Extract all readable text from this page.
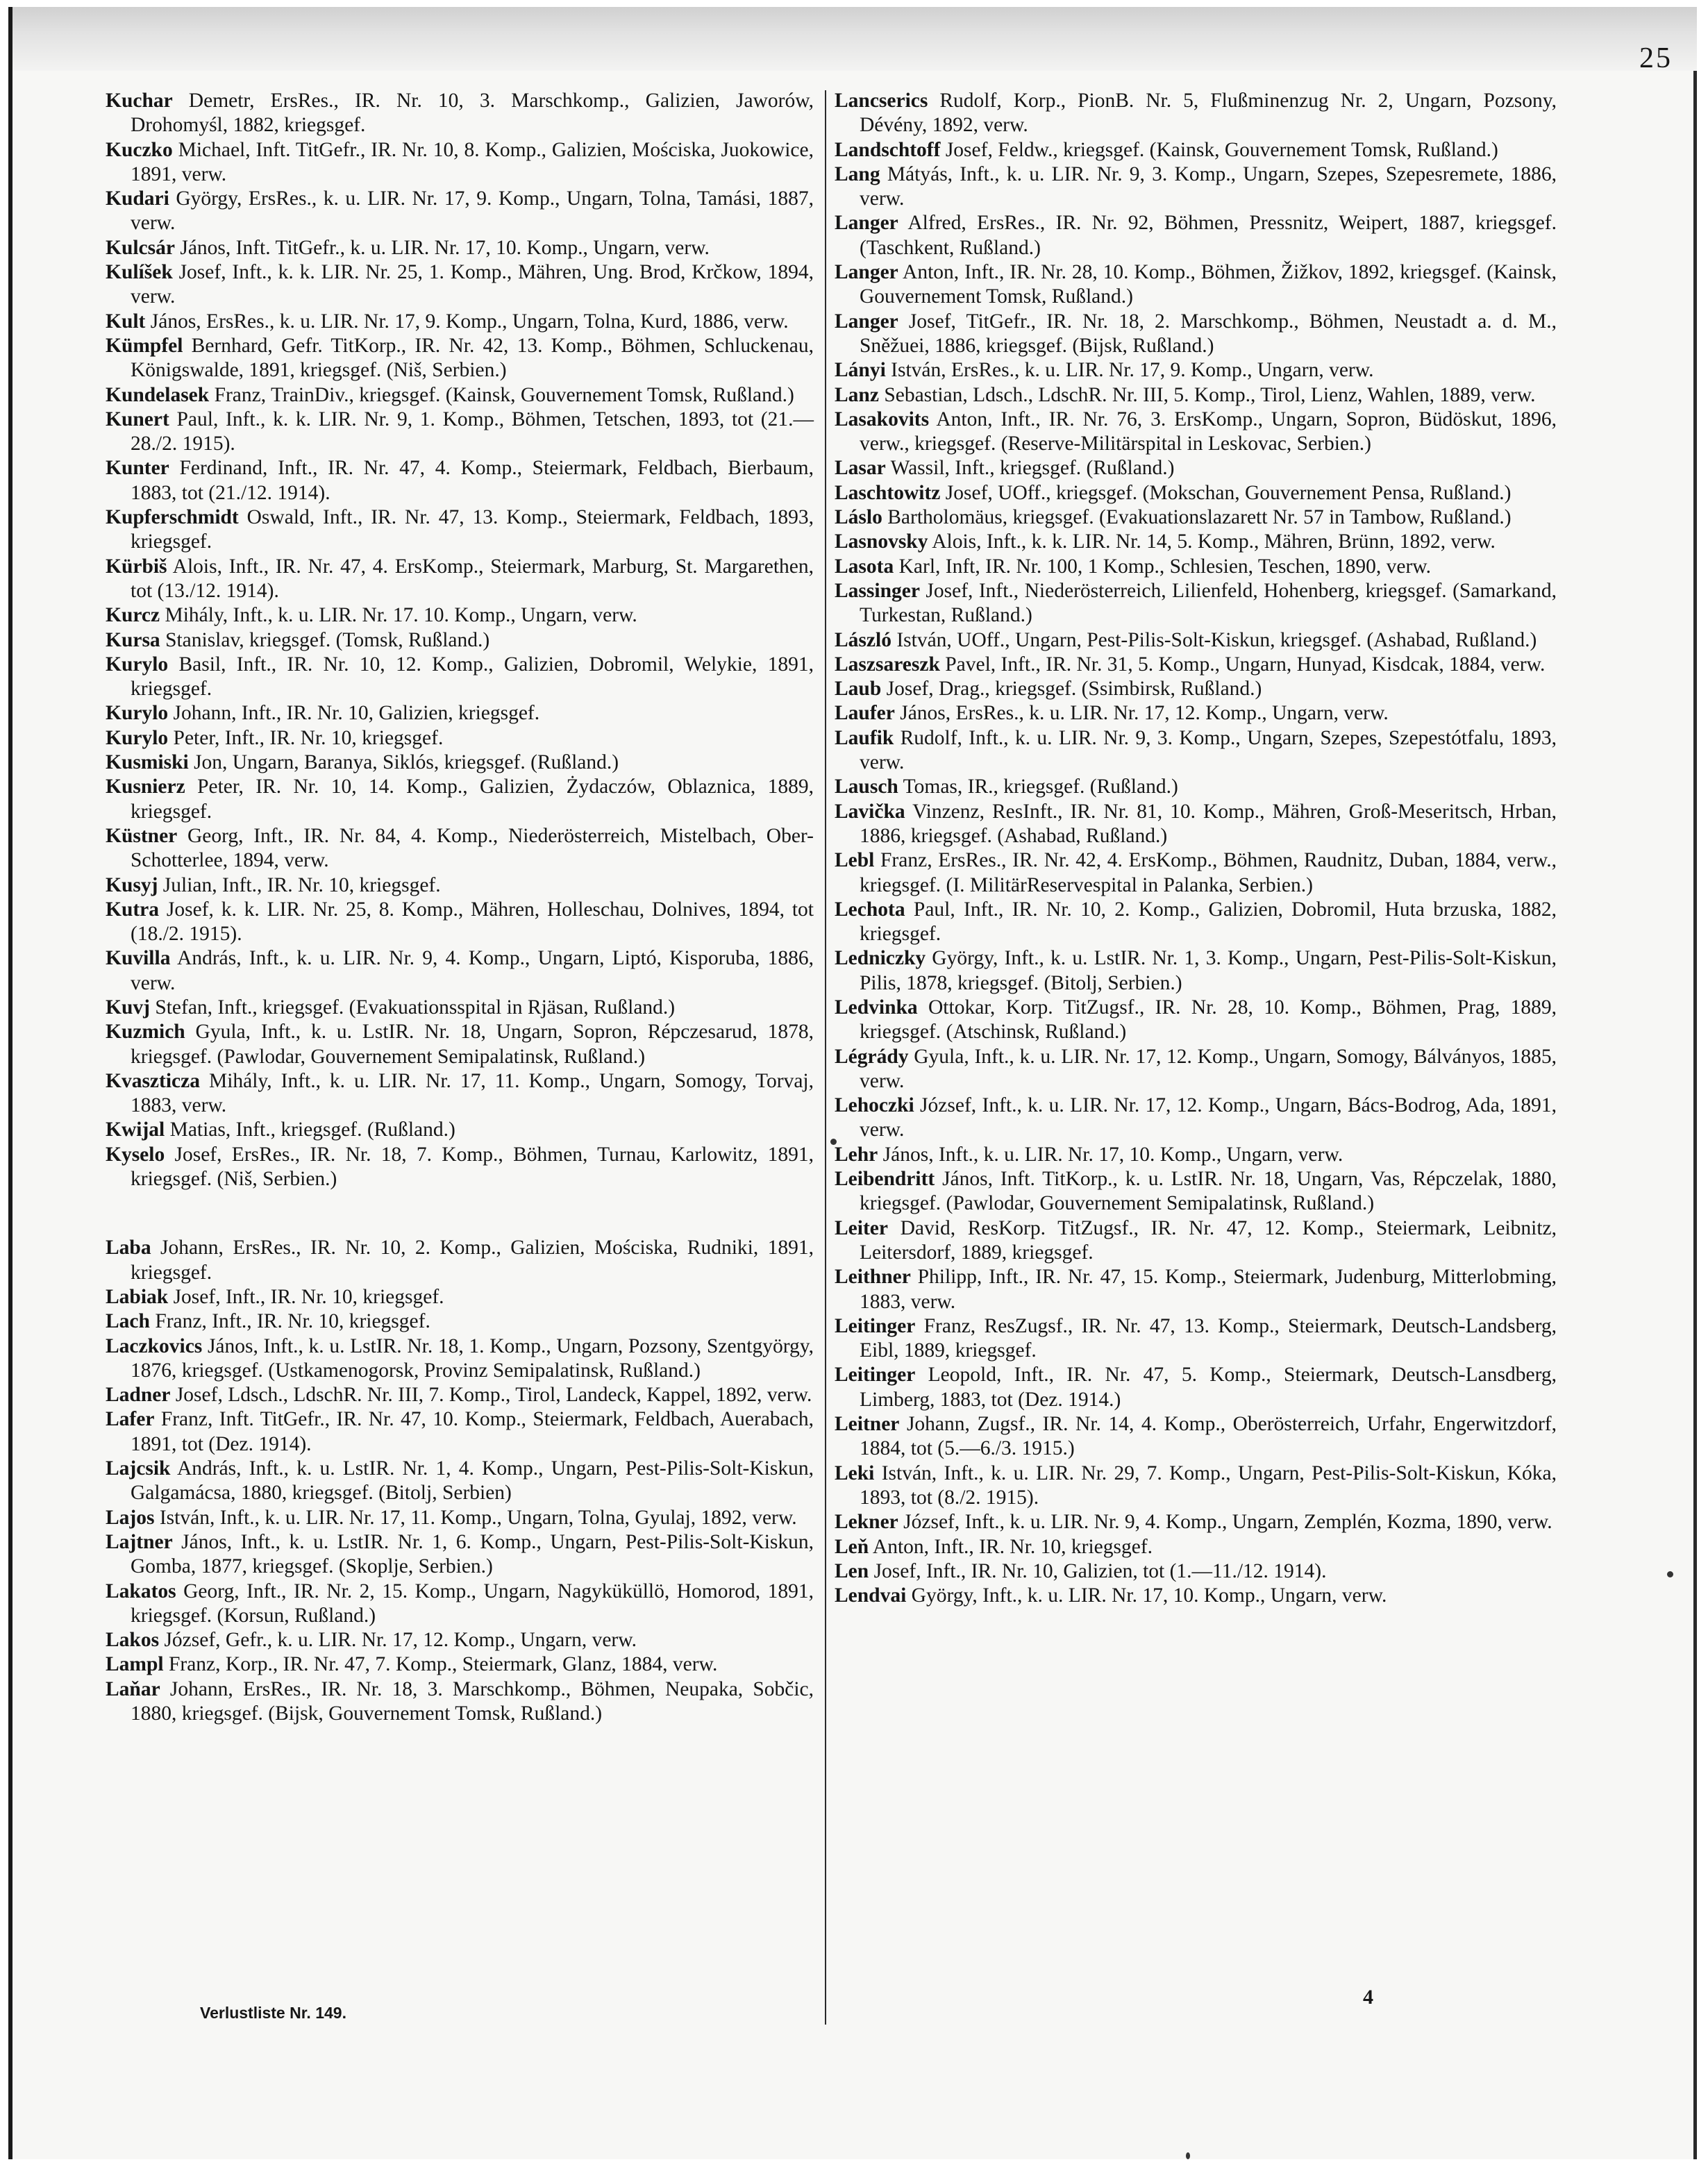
25

Kuchar Demetr, ErsRes., IR. Nr. 10, 3. Marschkomp., Galizien, Jaworów, Drohomyśl, 1882, kriegsgef.

Kuczko Michael, Inft. TitGefr., IR. Nr. 10, 8. Komp., Galizien, Mościska, Juokowice, 1891, verw.

Kudari György, ErsRes., k. u. LIR. Nr. 17, 9. Komp., Ungarn, Tolna, Tamási, 1887, verw.

Kulcsár János, Inft. TitGefr., k. u. LIR. Nr. 17, 10. Komp., Ungarn, verw.

Kulíšek Josef, Inft., k. k. LIR. Nr. 25, 1. Komp., Mähren, Ung. Brod, Krčkow, 1894, verw.

Kult János, ErsRes., k. u. LIR. Nr. 17, 9. Komp., Ungarn, Tolna, Kurd, 1886, verw.

Kümpfel Bernhard, Gefr. TitKorp., IR. Nr. 42, 13. Komp., Böhmen, Schluckenau, Königswalde, 1891, kriegsgef. (Niš, Serbien.)

Kundelasek Franz, TrainDiv., kriegsgef. (Kainsk, Gouvernement Tomsk, Rußland.)

Kunert Paul, Inft., k. k. LIR. Nr. 9, 1. Komp., Böhmen, Tetschen, 1893, tot (21.—28./2. 1915).

Kunter Ferdinand, Inft., IR. Nr. 47, 4. Komp., Steiermark, Feldbach, Bierbaum, 1883, tot (21./12. 1914).

Kupferschmidt Oswald, Inft., IR. Nr. 47, 13. Komp., Steiermark, Feldbach, 1893, kriegsgef.

Kürbiš Alois, Inft., IR. Nr. 47, 4. ErsKomp., Steiermark, Marburg, St. Margarethen, tot (13./12. 1914).

Kurcz Mihály, Inft., k. u. LIR. Nr. 17. 10. Komp., Ungarn, verw.

Kursa Stanislav, kriegsgef. (Tomsk, Rußland.)

Kurylo Basil, Inft., IR. Nr. 10, 12. Komp., Galizien, Dobromil, Welykie, 1891, kriegsgef.

Kurylo Johann, Inft., IR. Nr. 10, Galizien, kriegsgef.

Kurylo Peter, Inft., IR. Nr. 10, kriegsgef.

Kusmiski Jon, Ungarn, Baranya, Siklós, kriegsgef. (Rußland.)

Kusnierz Peter, IR. Nr. 10, 14. Komp., Galizien, Żydaczów, Oblaznica, 1889, kriegsgef.

Küstner Georg, Inft., IR. Nr. 84, 4. Komp., Niederösterreich, Mistelbach, Ober-Schotterlee, 1894, verw.

Kusyj Julian, Inft., IR. Nr. 10, kriegsgef.

Kutra Josef, k. k. LIR. Nr. 25, 8. Komp., Mähren, Holleschau, Dolnives, 1894, tot (18./2. 1915).

Kuvilla András, Inft., k. u. LIR. Nr. 9, 4. Komp., Ungarn, Liptó, Kisporuba, 1886, verw.

Kuvj Stefan, Inft., kriegsgef. (Evakuationsspital in Rjäsan, Rußland.)

Kuzmich Gyula, Inft., k. u. LstIR. Nr. 18, Ungarn, Sopron, Répczesarud, 1878, kriegsgef. (Pawlodar, Gouvernement Semipalatinsk, Rußland.)

Kvaszticza Mihály, Inft., k. u. LIR. Nr. 17, 11. Komp., Ungarn, Somogy, Torvaj, 1883, verw.

Kwijal Matias, Inft., kriegsgef. (Rußland.)

Kyselo Josef, ErsRes., IR. Nr. 18, 7. Komp., Böhmen, Turnau, Karlowitz, 1891, kriegsgef. (Niš, Serbien.)

Laba Johann, ErsRes., IR. Nr. 10, 2. Komp., Galizien, Mościska, Rudniki, 1891, kriegsgef.

Labiak Josef, Inft., IR. Nr. 10, kriegsgef.

Lach Franz, Inft., IR. Nr. 10, kriegsgef.

Laczkovics János, Inft., k. u. LstIR. Nr. 18, 1. Komp., Ungarn, Pozsony, Szentgyörgy, 1876, kriegsgef. (Ustkamenogorsk, Provinz Semipalatinsk, Rußland.)

Ladner Josef, Ldsch., LdschR. Nr. III, 7. Komp., Tirol, Landeck, Kappel, 1892, verw.

Lafer Franz, Inft. TitGefr., IR. Nr. 47, 10. Komp., Steiermark, Feldbach, Auerabach, 1891, tot (Dez. 1914).

Lajcsik András, Inft., k. u. LstIR. Nr. 1, 4. Komp., Ungarn, Pest-Pilis-Solt-Kiskun, Galgamácsa, 1880, kriegsgef. (Bitolj, Serbien)

Lajos István, Inft., k. u. LIR. Nr. 17, 11. Komp., Ungarn, Tolna, Gyulaj, 1892, verw.

Lajtner János, Inft., k. u. LstIR. Nr. 1, 6. Komp., Ungarn, Pest-Pilis-Solt-Kiskun, Gomba, 1877, kriegsgef. (Skoplje, Serbien.)

Lakatos Georg, Inft., IR. Nr. 2, 15. Komp., Ungarn, Nagyküküllö, Homorod, 1891, kriegsgef. (Korsun, Rußland.)

Lakos József, Gefr., k. u. LIR. Nr. 17, 12. Komp., Ungarn, verw.

Lampl Franz, Korp., IR. Nr. 47, 7. Komp., Steiermark, Glanz, 1884, verw.

Laňar Johann, ErsRes., IR. Nr. 18, 3. Marschkomp., Böhmen, Neupaka, Sobčic, 1880, kriegsgef. (Bijsk, Gouvernement Tomsk, Rußland.)

Lancserics Rudolf, Korp., PionB. Nr. 5, Flußminenzug Nr. 2, Ungarn, Pozsony, Dévény, 1892, verw.

Landschtoff Josef, Feldw., kriegsgef. (Kainsk, Gouvernement Tomsk, Rußland.)

Lang Mátyás, Inft., k. u. LIR. Nr. 9, 3. Komp., Ungarn, Szepes, Szepesremete, 1886, verw.

Langer Alfred, ErsRes., IR. Nr. 92, Böhmen, Pressnitz, Weipert, 1887, kriegsgef. (Taschkent, Rußland.)

Langer Anton, Inft., IR. Nr. 28, 10. Komp., Böhmen, Žižkov, 1892, kriegsgef. (Kainsk, Gouvernement Tomsk, Rußland.)

Langer Josef, TitGefr., IR. Nr. 18, 2. Marschkomp., Böhmen, Neustadt a. d. M., Sněžuei, 1886, kriegsgef. (Bijsk, Rußland.)

Lányi István, ErsRes., k. u. LIR. Nr. 17, 9. Komp., Ungarn, verw.

Lanz Sebastian, Ldsch., LdschR. Nr. III, 5. Komp., Tirol, Lienz, Wahlen, 1889, verw.

Lasakovits Anton, Inft., IR. Nr. 76, 3. ErsKomp., Ungarn, Sopron, Büdöskut, 1896, verw., kriegsgef. (Reserve-Militärspital in Leskovac, Serbien.)

Lasar Wassil, Inft., kriegsgef. (Rußland.)

Laschtowitz Josef, UOff., kriegsgef. (Mokschan, Gouvernement Pensa, Rußland.)

Láslo Bartholomäus, kriegsgef. (Evakuationslazarett Nr. 57 in Tambow, Rußland.)

Lasnovsky Alois, Inft., k. k. LIR. Nr. 14, 5. Komp., Mähren, Brünn, 1892, verw.

Lasota Karl, Inft, IR. Nr. 100, 1 Komp., Schlesien, Teschen, 1890, verw.

Lassinger Josef, Inft., Niederösterreich, Lilienfeld, Hohenberg, kriegsgef. (Samarkand, Turkestan, Rußland.)

László István, UOff., Ungarn, Pest-Pilis-Solt-Kiskun, kriegsgef. (Ashabad, Rußland.)

Laszsareszk Pavel, Inft., IR. Nr. 31, 5. Komp., Ungarn, Hunyad, Kisdcak, 1884, verw.

Laub Josef, Drag., kriegsgef. (Ssimbirsk, Rußland.)

Laufer János, ErsRes., k. u. LIR. Nr. 17, 12. Komp., Ungarn, verw.

Laufik Rudolf, Inft., k. u. LIR. Nr. 9, 3. Komp., Ungarn, Szepes, Szepestótfalu, 1893, verw.

Lausch Tomas, IR., kriegsgef. (Rußland.)

Lavička Vinzenz, ResInft., IR. Nr. 81, 10. Komp., Mähren, Groß-Meseritsch, Hrban, 1886, kriegsgef. (Ashabad, Rußland.)

Lebl Franz, ErsRes., IR. Nr. 42, 4. ErsKomp., Böhmen, Raudnitz, Duban, 1884, verw., kriegsgef. (I. MilitärReservespital in Palanka, Serbien.)

Lechota Paul, Inft., IR. Nr. 10, 2. Komp., Galizien, Dobromil, Huta brzuska, 1882, kriegsgef.

Ledniczky György, Inft., k. u. LstIR. Nr. 1, 3. Komp., Ungarn, Pest-Pilis-Solt-Kiskun, Pilis, 1878, kriegsgef. (Bitolj, Serbien.)

Ledvinka Ottokar, Korp. TitZugsf., IR. Nr. 28, 10. Komp., Böhmen, Prag, 1889, kriegsgef. (Atschinsk, Rußland.)

Légrády Gyula, Inft., k. u. LIR. Nr. 17, 12. Komp., Ungarn, Somogy, Bálványos, 1885, verw.

Lehoczki József, Inft., k. u. LIR. Nr. 17, 12. Komp., Ungarn, Bács-Bodrog, Ada, 1891, verw.

Lehr János, Inft., k. u. LIR. Nr. 17, 10. Komp., Ungarn, verw.

Leibendritt János, Inft. TitKorp., k. u. LstIR. Nr. 18, Ungarn, Vas, Répczelak, 1880, kriegsgef. (Pawlodar, Gouvernement Semipalatinsk, Rußland.)

Leiter David, ResKorp. TitZugsf., IR. Nr. 47, 12. Komp., Steiermark, Leibnitz, Leitersdorf, 1889, kriegsgef.

Leithner Philipp, Inft., IR. Nr. 47, 15. Komp., Steiermark, Judenburg, Mitterlobming, 1883, verw.

Leitinger Franz, ResZugsf., IR. Nr. 47, 13. Komp., Steiermark, Deutsch-Landsberg, Eibl, 1889, kriegsgef.

Leitinger Leopold, Inft., IR. Nr. 47, 5. Komp., Steiermark, Deutsch-Lansdberg, Limberg, 1883, tot (Dez. 1914.)

Leitner Johann, Zugsf., IR. Nr. 14, 4. Komp., Oberösterreich, Urfahr, Engerwitzdorf, 1884, tot (5.—6./3. 1915.)

Leki István, Inft., k. u. LIR. Nr. 29, 7. Komp., Ungarn, Pest-Pilis-Solt-Kiskun, Kóka, 1893, tot (8./2. 1915).

Lekner József, Inft., k. u. LIR. Nr. 9, 4. Komp., Ungarn, Zemplén, Kozma, 1890, verw.

Leň Anton, Inft., IR. Nr. 10, kriegsgef.

Len Josef, Inft., IR. Nr. 10, Galizien, tot (1.—11./12. 1914).

Lendvai György, Inft., k. u. LIR. Nr. 17, 10. Komp., Ungarn, verw.

Verlustliste Nr. 149.
4
